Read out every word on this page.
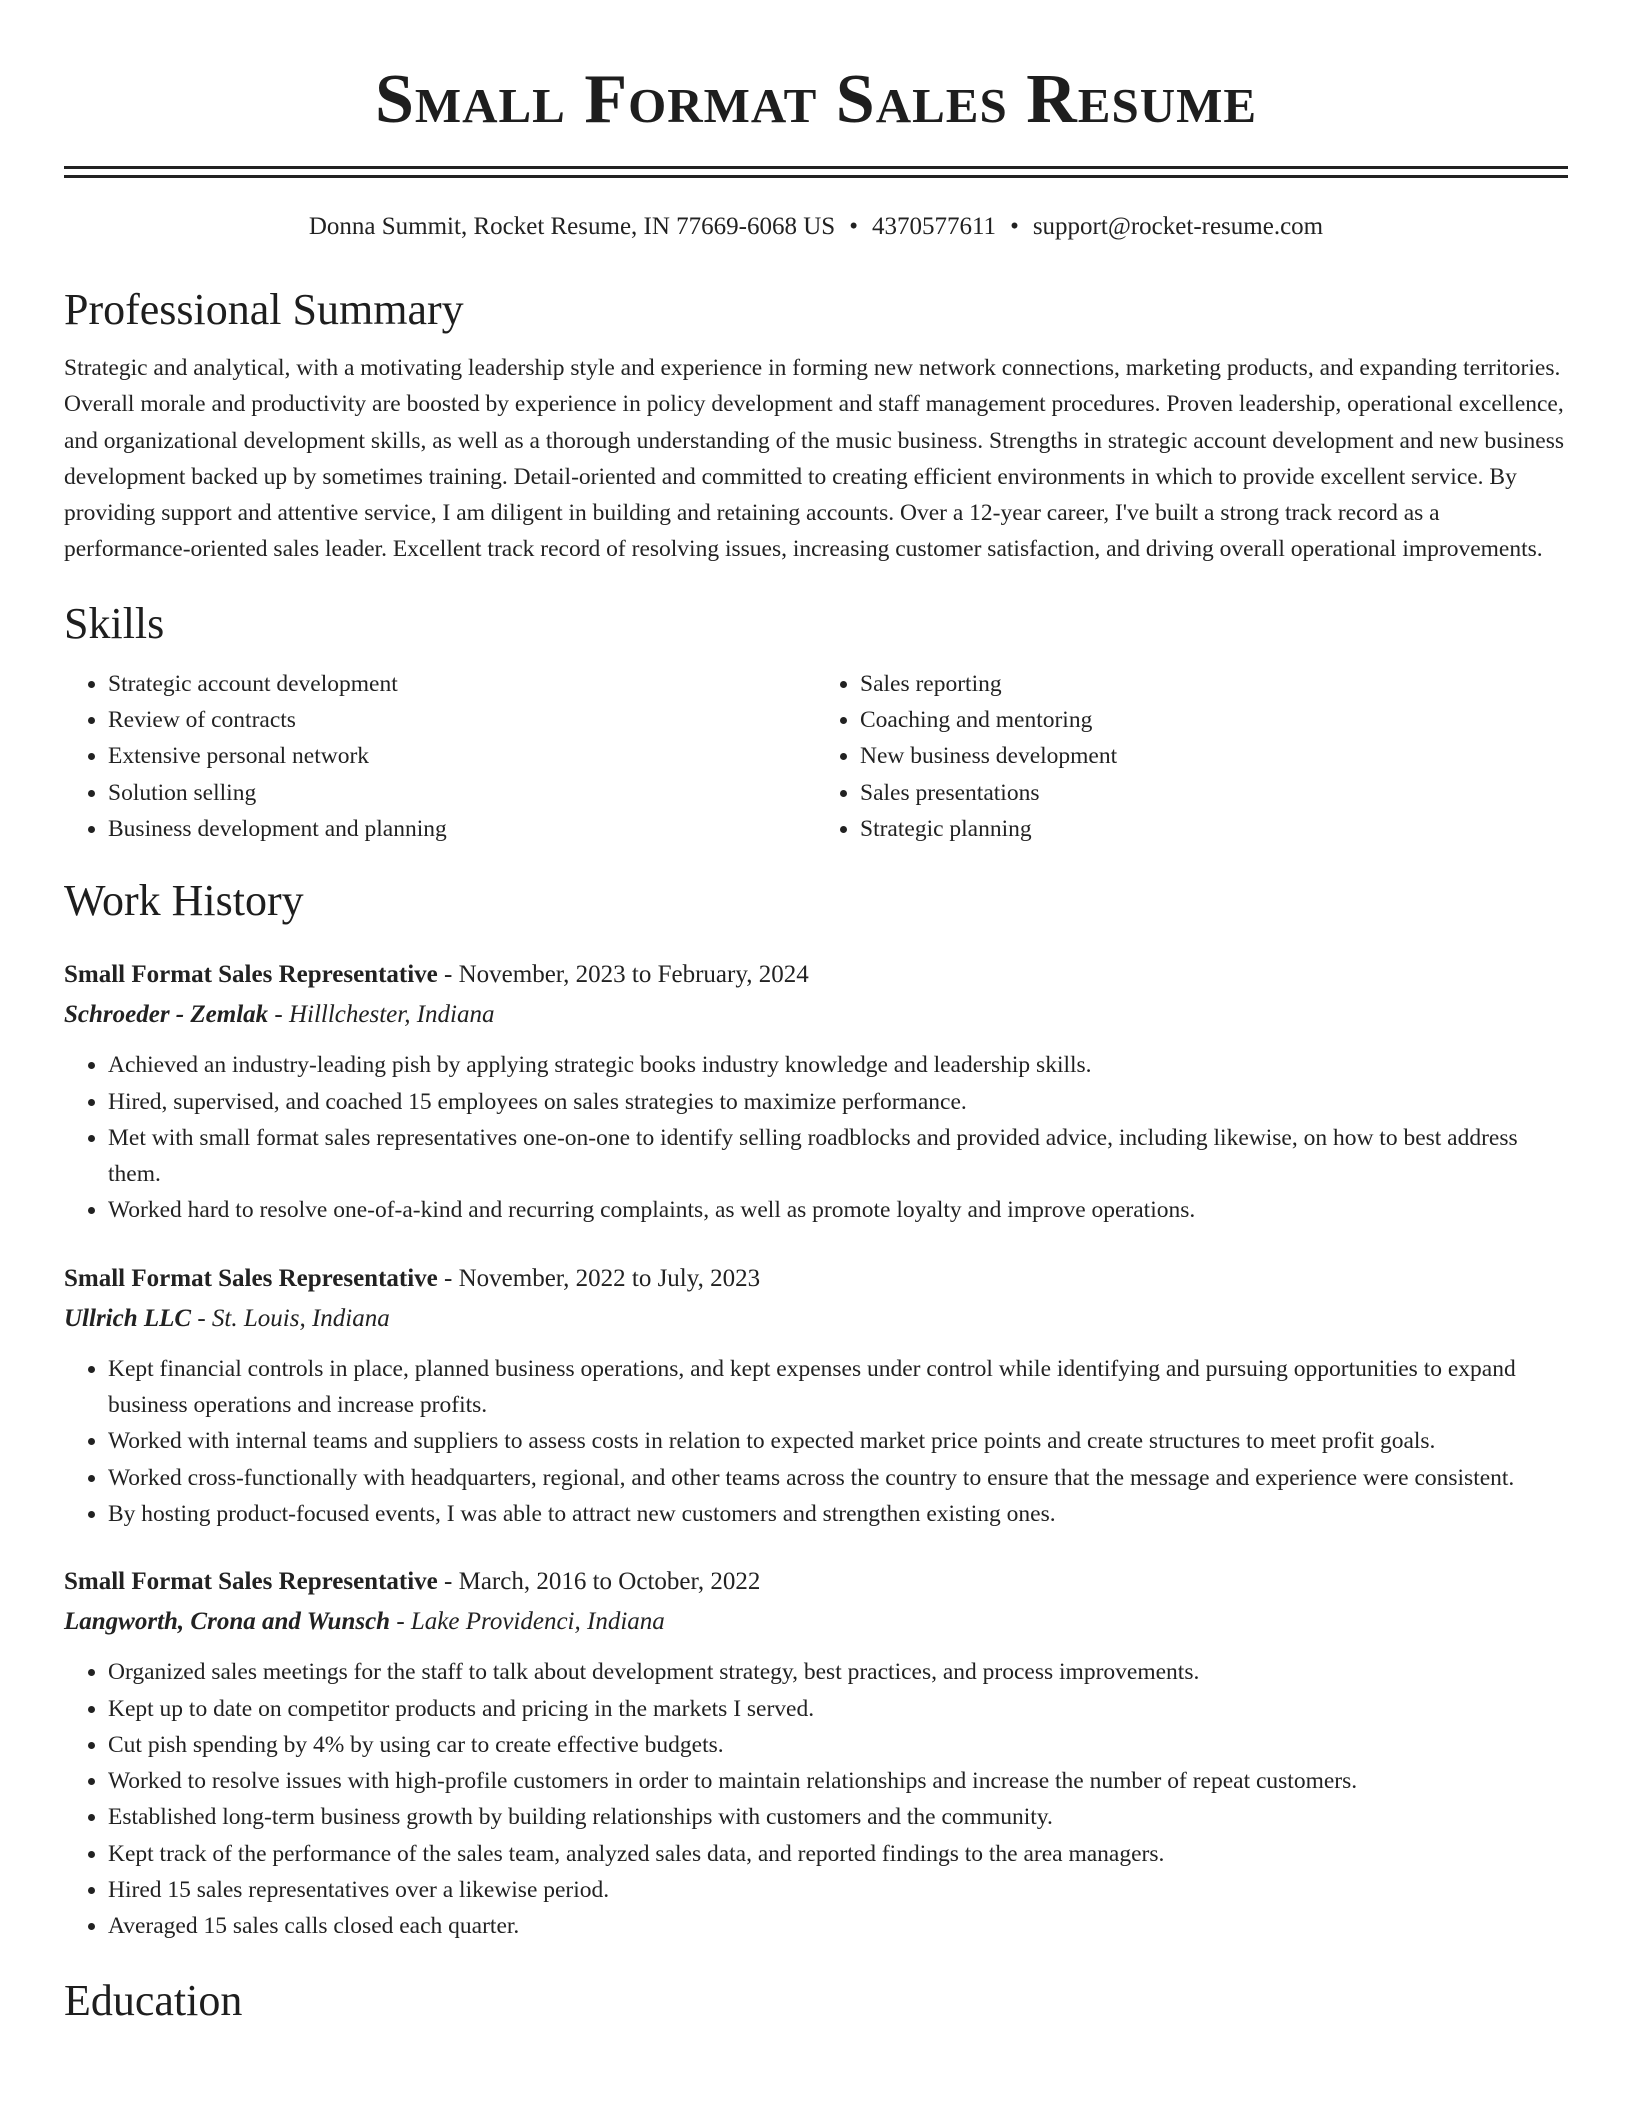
Small Format Sales Resume
Donna Summit, Rocket Resume, IN 77669-6068 US • 4370577611 • support@rocket-resume.com
Professional Summary

Strategic and analytical, with a motivating leadership style and experience in forming new network connections, marketing products, and expanding territories. Overall morale and productivity are boosted by experience in policy development and staff management procedures. Proven leadership, operational excellence, and organizational development skills, as well as a thorough understanding of the music business. Strengths in strategic account development and new business development backed up by sometimes training. Detail-oriented and committed to creating efficient environments in which to provide excellent service. By providing support and attentive service, I am diligent in building and retaining accounts. Over a 12-year career, I've built a strong track record as a performance-oriented sales leader. Excellent track record of resolving issues, increasing customer satisfaction, and driving overall operational improvements.

Skills
• Strategic account development
• Review of contracts
• Extensive personal network
• Solution selling
• Business development and planning
• Sales reporting
• Coaching and mentoring
• New business development
• Sales presentations
• Strategic planning
Work History
Small Format Sales Representative - November, 2023 to February, 2024
Schroeder - Zemlak - Hilllchester, Indiana
• Achieved an industry-leading pish by applying strategic books industry knowledge and leadership skills.
• Hired, supervised, and coached 15 employees on sales strategies to maximize performance.
• Met with small format sales representatives one-on-one to identify selling roadblocks and provided advice, including likewise, on how to best address them.
• Worked hard to resolve one-of-a-kind and recurring complaints, as well as promote loyalty and improve operations.
Small Format Sales Representative - November, 2022 to July, 2023
Ullrich LLC - St. Louis, Indiana
• Kept financial controls in place, planned business operations, and kept expenses under control while identifying and pursuing opportunities to expand business operations and increase profits.
• Worked with internal teams and suppliers to assess costs in relation to expected market price points and create structures to meet profit goals.
• Worked cross-functionally with headquarters, regional, and other teams across the country to ensure that the message and experience were consistent.
• By hosting product-focused events, I was able to attract new customers and strengthen existing ones.
Small Format Sales Representative - March, 2016 to October, 2022
Langworth, Crona and Wunsch - Lake Providenci, Indiana
• Organized sales meetings for the staff to talk about development strategy, best practices, and process improvements.
• Kept up to date on competitor products and pricing in the markets I served.
• Cut pish spending by 4% by using car to create effective budgets.
• Worked to resolve issues with high-profile customers in order to maintain relationships and increase the number of repeat customers.
• Established long-term business growth by building relationships with customers and the community.
• Kept track of the performance of the sales team, analyzed sales data, and reported findings to the area managers.
• Hired 15 sales representatives over a likewise period.
• Averaged 15 sales calls closed each quarter.
Education
